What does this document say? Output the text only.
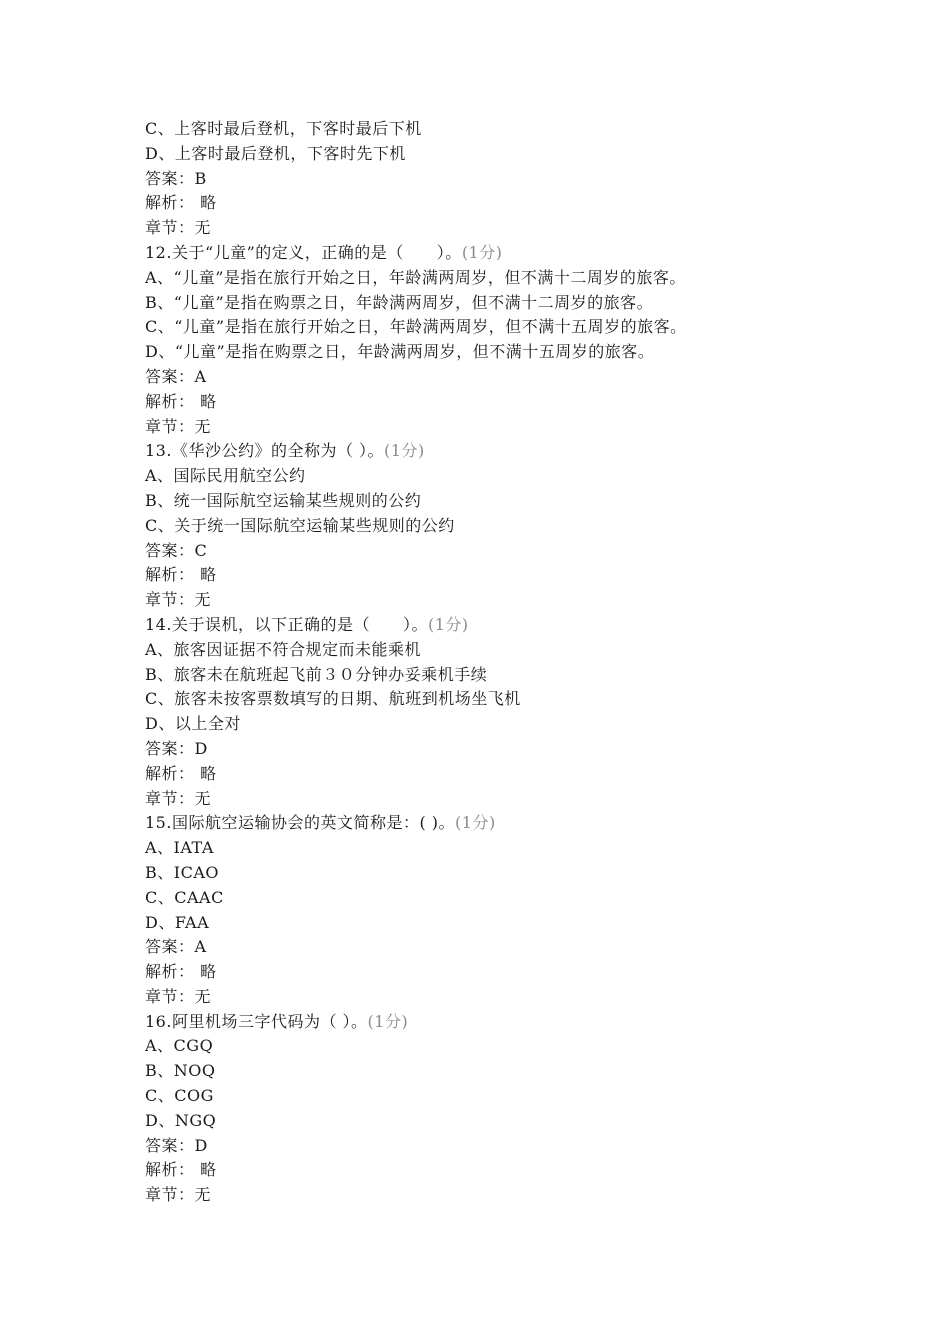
C、上客时最后登机，下客时最后下机
D、上客时最后登机，下客时先下机
答案：B
解析： 略
章节：无
12.关于“儿童”的定义，正确的是（　　）。(1分)
A、“儿童”是指在旅行开始之日，年龄满两周岁，但不满十二周岁的旅客。
B、“儿童”是指在购票之日，年龄满两周岁，但不满十二周岁的旅客。
C、“儿童”是指在旅行开始之日，年龄满两周岁，但不满十五周岁的旅客。
D、“儿童”是指在购票之日，年龄满两周岁，但不满十五周岁的旅客。
答案：A
解析： 略
章节：无
13.《华沙公约》的全称为（ ）。(1分)
A、国际民用航空公约
B、统一国际航空运输某些规则的公约
C、关于统一国际航空运输某些规则的公约
答案：C
解析： 略
章节：无
14.关于误机，以下正确的是（　　）。(1分)
A、旅客因证据不符合规定而未能乘机
B、旅客未在航班起飞前３０分钟办妥乘机手续
C、旅客未按客票数填写的日期、航班到机场坐飞机
D、以上全对
答案：D
解析： 略
章节：无
15.国际航空运输协会的英文简称是：( )。(1分)
A、IATA
B、ICAO
C、CAAC
D、FAA
答案：A
解析： 略
章节：无
16.阿里机场三字代码为（ ）。(1分)
A、CGQ
B、NOQ
C、COG
D、NGQ
答案：D
解析： 略
章节：无
